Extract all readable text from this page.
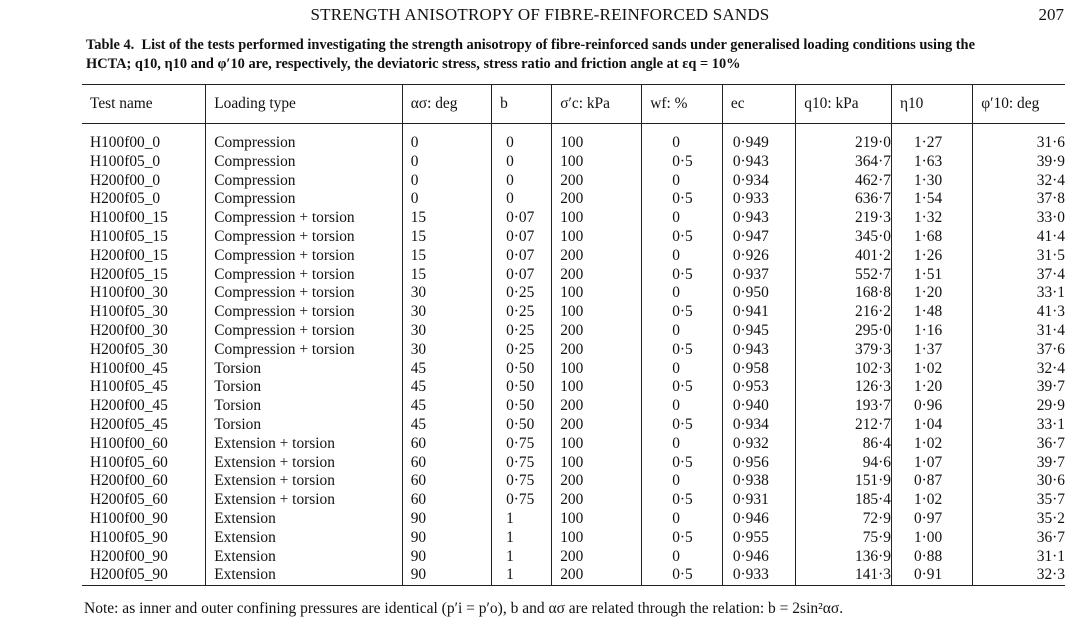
STRENGTH ANISOTROPY OF FIBRE-REINFORCED SANDS	207
Table 4. List of the tests performed investigating the strength anisotropy of fibre-reinforced sands under generalised loading conditions using the
HCTA; q10, η10 and φ′10 are, respectively, the deviatoric stress, stress ratio and friction angle at εq = 10%
Test name	Loading type	ασ: deg	b	σ′c: kPa	wf: %	ec	q10: kPa	η10	φ′10: deg

H100f00_0	Compression	0	0	100	0	0·949	219·0	1·27	31·6
H100f05_0	Compression	0	0	100	0·5	0·943	364·7	1·63	39·9
H200f00_0	Compression	0	0	200	0	0·934	462·7	1·30	32·4
H200f05_0	Compression	0	0	200	0·5	0·933	636·7	1·54	37·8
H100f00_15	Compression + torsion	15	0·07	100	0	0·943	219·3	1·32	33·0
H100f05_15	Compression + torsion	15	0·07	100	0·5	0·947	345·0	1·68	41·4
H200f00_15	Compression + torsion	15	0·07	200	0	0·926	401·2	1·26	31·5
H200f05_15	Compression + torsion	15	0·07	200	0·5	0·937	552·7	1·51	37·4
H100f00_30	Compression + torsion	30	0·25	100	0	0·950	168·8	1·20	33·1
H100f05_30	Compression + torsion	30	0·25	100	0·5	0·941	216·2	1·48	41·3
H200f00_30	Compression + torsion	30	0·25	200	0	0·945	295·0	1·16	31·4
H200f05_30	Compression + torsion	30	0·25	200	0·5	0·943	379·3	1·37	37·6
H100f00_45	Torsion	45	0·50	100	0	0·958	102·3	1·02	32·4
H100f05_45	Torsion	45	0·50	100	0·5	0·953	126·3	1·20	39·7
H200f00_45	Torsion	45	0·50	200	0	0·940	193·7	0·96	29·9
H200f05_45	Torsion	45	0·50	200	0·5	0·934	212·7	1·04	33·1
H100f00_60	Extension + torsion	60	0·75	100	0	0·932	86·4	1·02	36·7
H100f05_60	Extension + torsion	60	0·75	100	0·5	0·956	94·6	1·07	39·7
H200f00_60	Extension + torsion	60	0·75	200	0	0·938	151·9	0·87	30·6
H200f05_60	Extension + torsion	60	0·75	200	0·5	0·931	185·4	1·02	35·7
H100f00_90	Extension	90	1	100	0	0·946	72·9	0·97	35·2
H100f05_90	Extension	90	1	100	0·5	0·955	75·9	1·00	36·7
H200f00_90	Extension	90	1	200	0	0·946	136·9	0·88	31·1
H200f05_90	Extension	90	1	200	0·5	0·933	141·3	0·91	32·3
Note: as inner and outer confining pressures are identical (p′i = p′o), b and ασ are related through the relation: b = 2sin²ασ.
